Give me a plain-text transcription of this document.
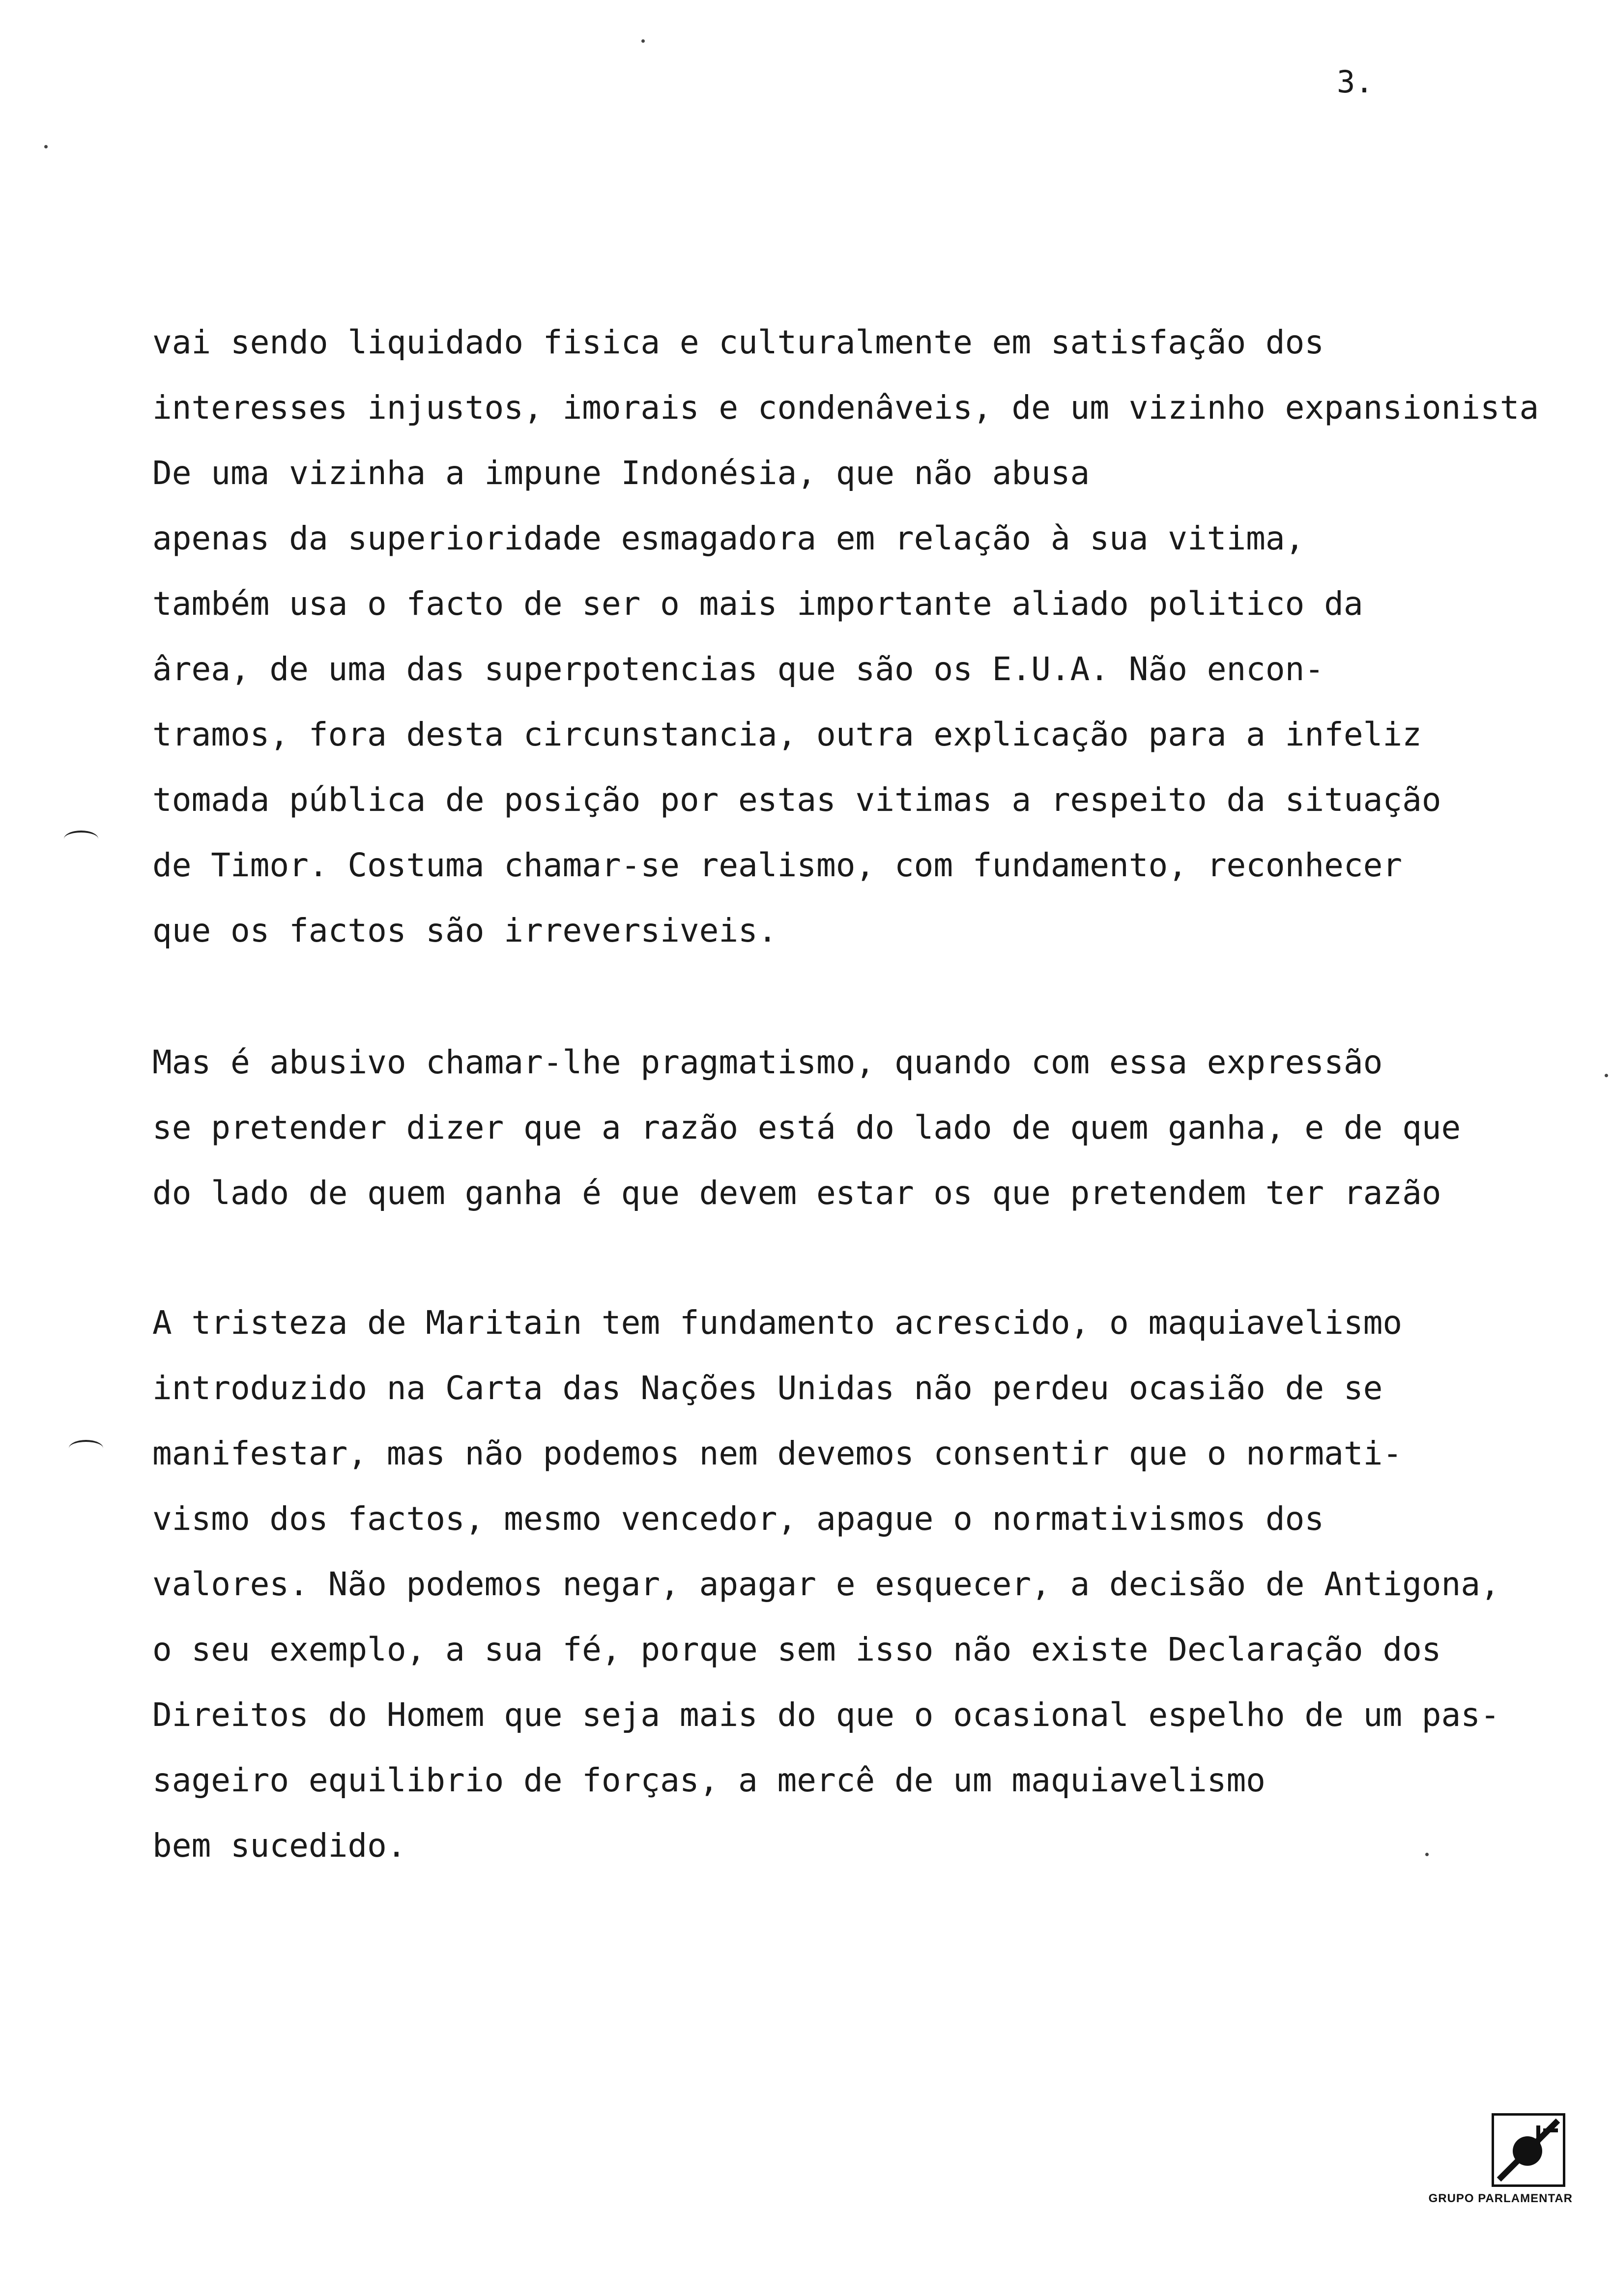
3.
vai sendo liquidado fisica e culturalmente em satisfação dos
interesses injustos, imorais e condenâveis, de um vizinho expansionista
De uma vizinha a impune Indonésia, que não abusa
apenas da superioridade esmagadora em relação à sua vitima,
também usa o facto de ser o mais importante aliado politico da
ârea, de uma das superpotencias que são os E.U.A. Não encon-
tramos, fora desta circunstancia, outra explicação para a infeliz
tomada pública de posição por estas vitimas a respeito da situação
de Timor. Costuma chamar-se realismo, com fundamento, reconhecer
que os factos são irreversiveis.
Mas é abusivo chamar-lhe pragmatismo, quando com essa expressão
se pretender dizer que a razão está do lado de quem ganha, e de que
do lado de quem ganha é que devem estar os que pretendem ter razão
A tristeza de Maritain tem fundamento acrescido, o maquiavelismo
introduzido na Carta das Nações Unidas não perdeu ocasião de se
manifestar, mas não podemos nem devemos consentir que o normati-
vismo dos factos, mesmo vencedor, apague o normativismos dos
valores. Não podemos negar, apagar e esquecer, a decisão de Antigona,
o seu exemplo, a sua fé, porque sem isso não existe Declaração dos
Direitos do Homem que seja mais do que o ocasional espelho de um pas-
sageiro equilibrio de forças, a mercê de um maquiavelismo
bem sucedido.
GRUPO PARLAMENTAR
